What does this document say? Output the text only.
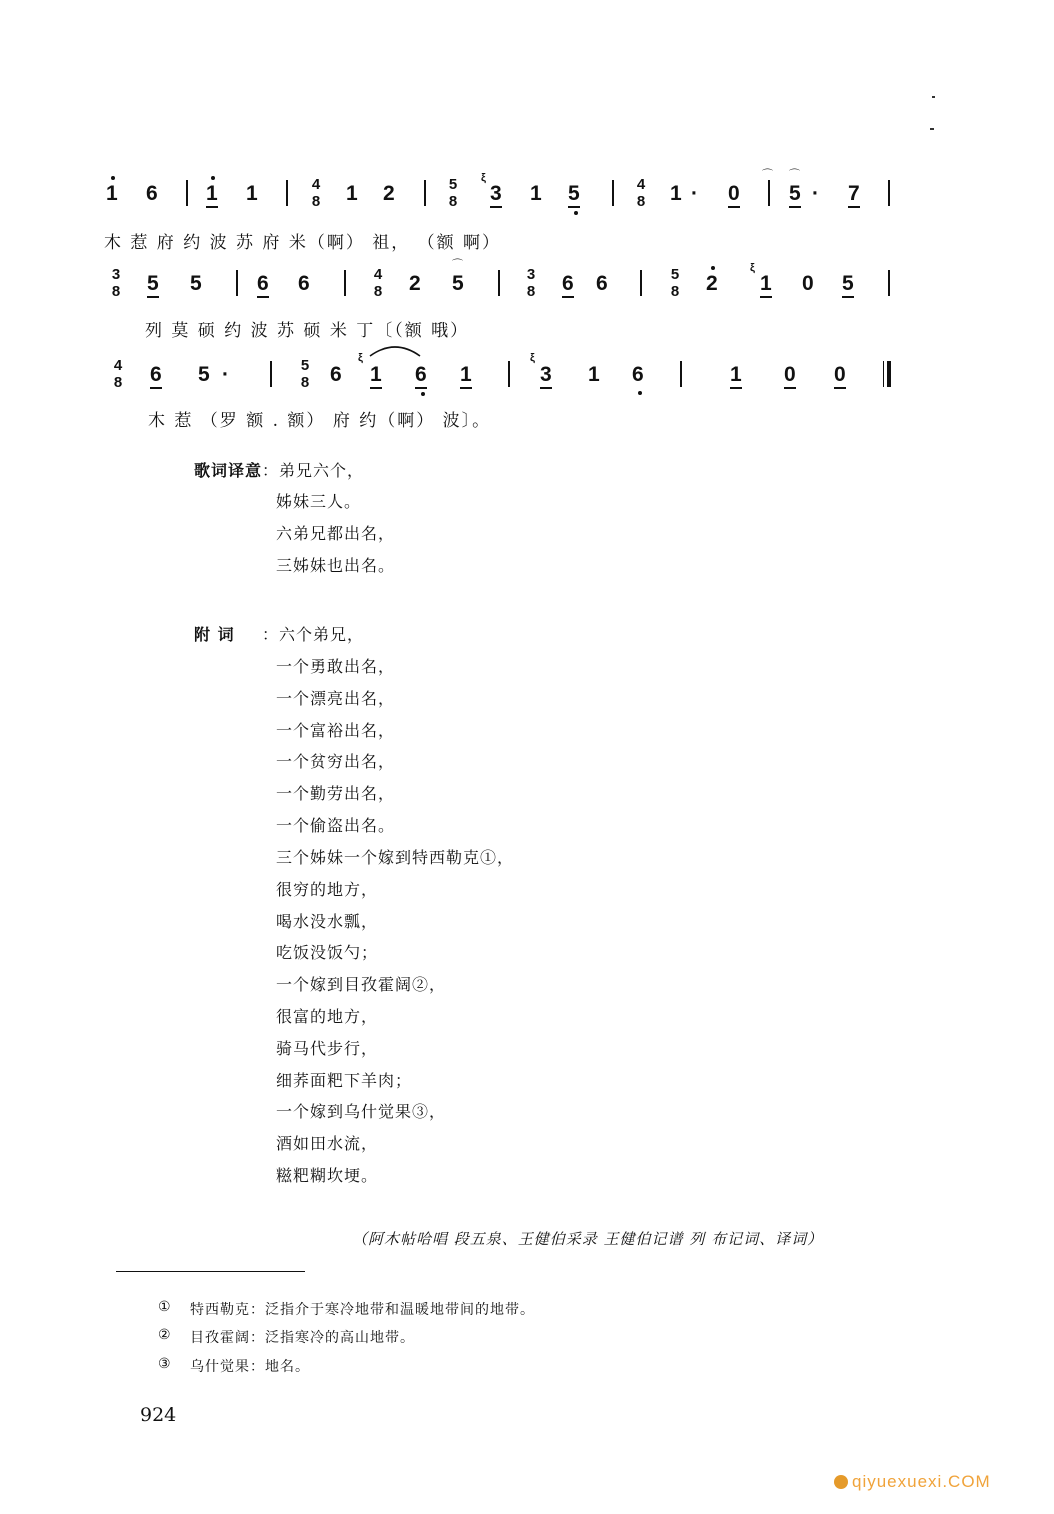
1 6 1 1	4
8 1 2	5
8
ξ
3 1 5	4
8 1 · 0
⌒ ⌒
5 · 7
木 惹 府 约 波 苏 府 米（啊） 祖， （额 啊）
3
8 5 5	6 6	4
8 2
⌒
5	3
8 6 6	5
8 2
ξ
1 0 5
列 莫 硕 约 波 苏 硕 米 丁〔（额 哦）
4
8 6 5 ·	5
8 6
ξ
1 6 1
ξ
3 1 6	1 0 0
木 惹 （罗 额 . 额） 府 约（啊） 波〕。
歌词译意 ：弟兄六个，
姊妹三人。
六弟兄都出名，
三姊妹也出名。
附 词 ：六个弟兄，
一个勇敢出名，
一个漂亮出名，
一个富裕出名，
一个贫穷出名，
一个勤劳出名，
一个偷盗出名。
三个姊妹一个嫁到特西勒克①，
很穷的地方，
喝水没水瓢，
吃饭没饭勺；
一个嫁到目孜霍阔②，
很富的地方，
骑马代步行，
细荞面粑下羊肉；
一个嫁到乌什觉果③，
酒如田水流，
糍粑糊坎埂。
（阿木帖哈唱 段五泉、王健伯采录 王健伯记谱 列 布记词、译词）
① 特西勒克：泛指介于寒冷地带和温暖地带间的地带。
② 目孜霍阔：泛指寒冷的高山地带。
③ 乌什觉果：地名。
924
qiyuexuexi.COM
